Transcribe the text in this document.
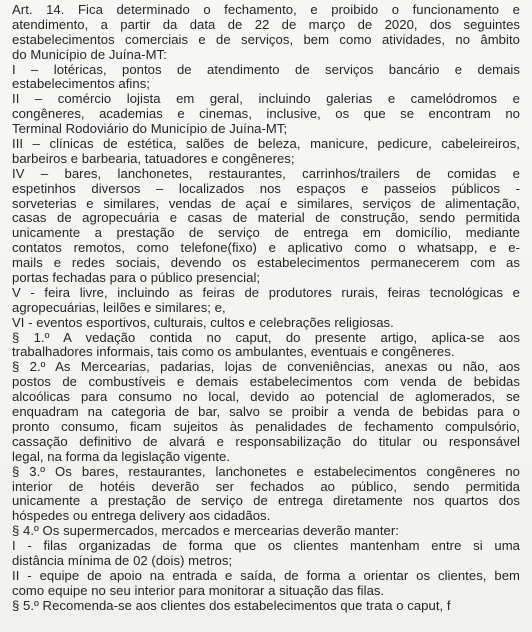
Art. 14. Fica determinado o fechamento, e proibido o funcionamento e
atendimento, a partir da data de 22 de março de 2020, dos seguintes
estabelecimentos comerciais e de serviços, bem como atividades, no âmbito
do Município de Juína-MT:
I – lotéricas, pontos de atendimento de serviços bancário e demais
estabelecimentos afins;
II – comércio lojista em geral, incluindo galerias e camelódromos e
congêneres, academias e cinemas, inclusive, os que se encontram no
Terminal Rodoviário do Município de Juína-MT;
III – clínicas de estética, salões de beleza, manicure, pedicure, cabeleireiros,
barbeiros e barbearia, tatuadores e congêneres;
IV – bares, lanchonetes, restaurantes, carrinhos/trailers de comidas e
espetinhos diversos – localizados nos espaços e passeios públicos -
sorveterias e similares, vendas de açaí e similares, serviços de alimentação,
casas de agropecuária e casas de material de construção, sendo permitida
unicamente a prestação de serviço de entrega em domicílio, mediante
contatos remotos, como telefone(fixo) e aplicativo como o whatsapp, e e-
mails e redes sociais, devendo os estabelecimentos permanecerem com as
portas fechadas para o público presencial;
V - feira livre, incluindo as feiras de produtores rurais, feiras tecnológicas e
agropecuárias, leilões e similares; e,
VI - eventos esportivos, culturais, cultos e celebrações religiosas.
§ 1.º A vedação contida no caput, do presente artigo, aplica-se aos
trabalhadores informais, tais como os ambulantes, eventuais e congêneres.
§ 2.º As Mercearias, padarias, lojas de conveniências, anexas ou não, aos
postos de combustíveis e demais estabelecimentos com venda de bebidas
alcoólicas para consumo no local, devido ao potencial de aglomerados, se
enquadram na categoria de bar, salvo se proibir a venda de bebidas para o
pronto consumo, ficam sujeitos às penalidades de fechamento compulsório,
cassação definitivo de alvará e responsabilização do titular ou responsável
legal, na forma da legislação vigente.
§ 3.º Os bares, restaurantes, lanchonetes e estabelecimentos congêneres no
interior de hotéis deverão ser fechados ao público, sendo permitida
unicamente a prestação de serviço de entrega diretamente nos quartos dos
hóspedes ou entrega delivery aos cidadãos.
§ 4.º Os supermercados, mercados e mercearias deverão manter:
I - filas organizadas de forma que os clientes mantenham entre si uma
distância mínima de 02 (dois) metros;
II - equipe de apoio na entrada e saída, de forma a orientar os clientes, bem
como equipe no seu interior para monitorar a situação das filas.
§ 5.º Recomenda-se aos clientes dos estabelecimentos que trata o caput, f
